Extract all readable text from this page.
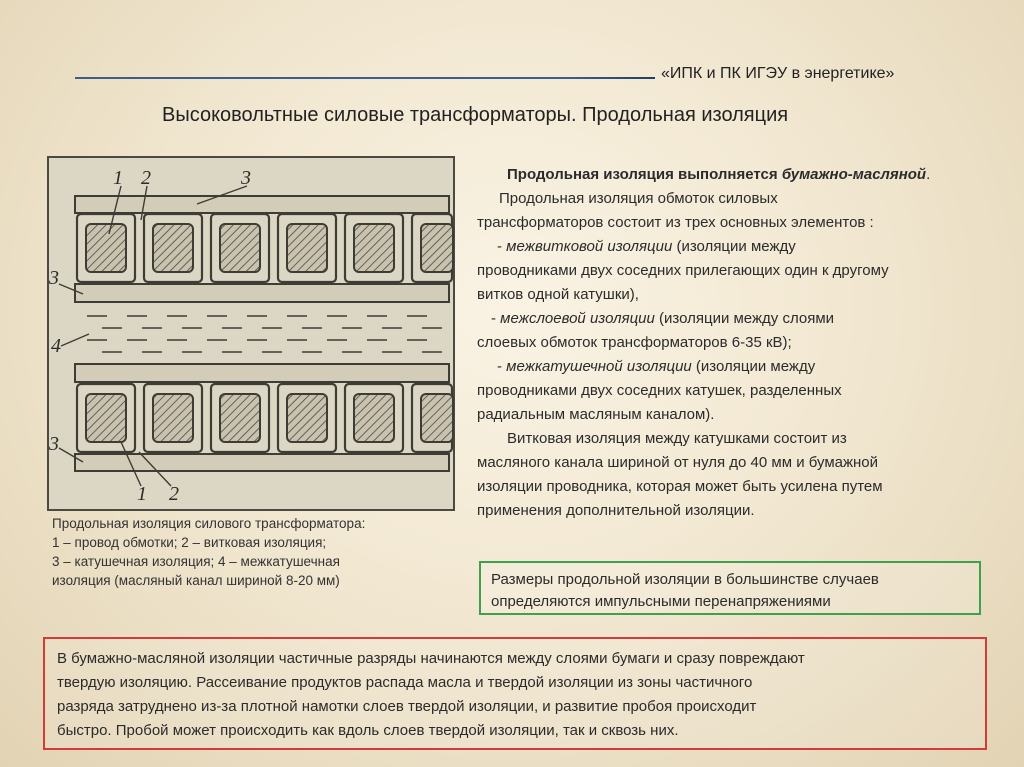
«ИПК и ПК ИГЭУ в энергетике»
Высоковольтные силовые трансформаторы. Продольная изоляция
1 2	3
3
4
3
1 2
Продольная изоляция силового трансформатора:
1 – провод обмотки; 2 – витковая изоляция;
3 – катушечная изоляция; 4 – межкатушечная
изоляция (масляный канал шириной 8-20 мм)

Продольная изоляция выполняется бумажно-масляной.

Продольная изоляция обмоток силовых

трансформаторов состоит из трех основных элементов :

- межвитковой изоляции (изоляции между

проводниками двух соседних прилегающих один к другому

витков одной катушки),

- межслоевой изоляции (изоляции между слоями

слоевых обмоток трансформаторов 6-35 кВ);

- межкатушечной изоляции (изоляции между

проводниками двух соседних катушек, разделенных

радиальным масляным каналом).

Витковая изоляция между катушками состоит из

масляного канала шириной от нуля до 40 мм и бумажной

изоляции проводника, которая может быть усилена путем

применения дополнительной изоляции.

Размеры продольной изоляции в большинстве случаев
определяются импульсными перенапряжениями
В бумажно-масляной изоляции частичные разряды начинаются между слоями бумаги и сразу повреждают
твердую изоляцию. Рассеивание продуктов распада масла и твердой изоляции из зоны частичного
разряда затруднено из-за плотной намотки слоев твердой изоляции, и развитие пробоя происходит
быстро. Пробой может происходить как вдоль слоев твердой изоляции, так и сквозь них.
